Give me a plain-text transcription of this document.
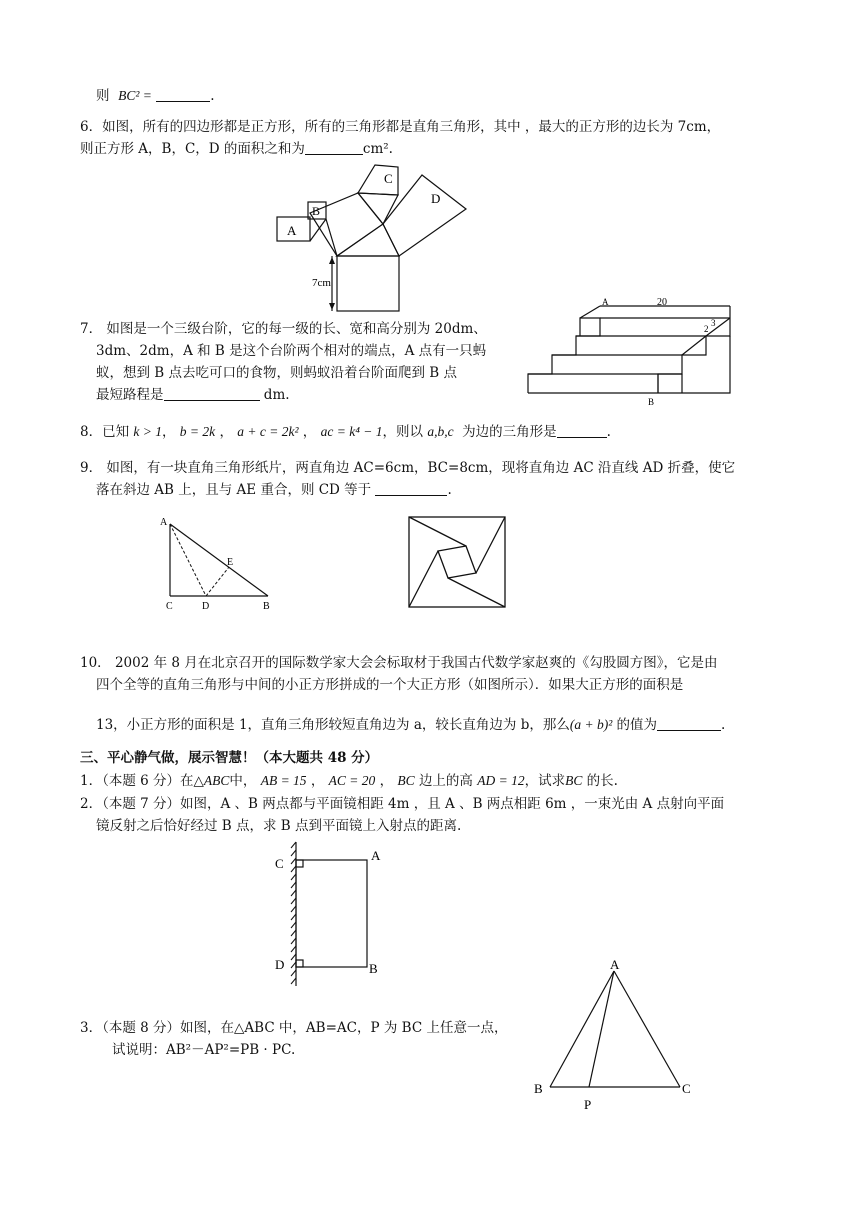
则 BC² =	.
6．如图，所有的四边形都是正方形，所有的三角形都是直角三角形，其中 ，最大的正方形的边长为 7cm，
则正方形 A，B，C，D 的面积之和为	cm².
C
D
B
A
7cm
7． 如图是一个三级台阶，它的每一级的长、宽和高分别为 20dm、
3dm、2dm，A 和 B 是这个台阶两个相对的端点，A 点有一只蚂
蚁，想到 B 点去吃可口的食物，则蚂蚁沿着台阶面爬到 B 点
最短路程是	dm.
A	20
2
3
B
8．已知 k > 1， b = 2k ， a + c = 2k² ， ac = k⁴ − 1，则以 a,b,c 为边的三角形是	.
9． 如图，有一块直角三角形纸片，两直角边 AC=6cm，BC=8cm，现将直角边 AC 沿直线 AD 折叠，使它
落在斜边 AB 上，且与 AE 重合，则 CD 等于	.
A
E
C	D	B
10． 2002 年 8 月在北京召开的国际数学家大会会标取材于我国古代数学家赵爽的《勾股圆方图》，它是由
四个全等的直角三角形与中间的小正方形拼成的一个大正方形（如图所示）．如果大正方形的面积是
13，小正方形的面积是 1，直角三角形较短直角边为 a，较长直角边为 b，那么(a + b)² 的值为	.
三、平心静气做，展示智慧！（本大题共 48 分）
1．（本题 6 分）在△ABC中， AB = 15 ， AC = 20 ， BC 边上的高 AD = 12，试求BC 的长.
2．（本题 7 分）如图，A 、B 两点都与平面镜相距 4m ，且 A 、B 两点相距 6m ，一束光由 A 点射向平面
镜反射之后恰好经过 B 点，求 B 点到平面镜上入射点的距离.
C
A
D	B
3．（本题 8 分）如图，在△ABC 中，AB=AC，P 为 BC 上任意一点，
试说明：AB²－AP²=PB · PC.
A
B	C
P
